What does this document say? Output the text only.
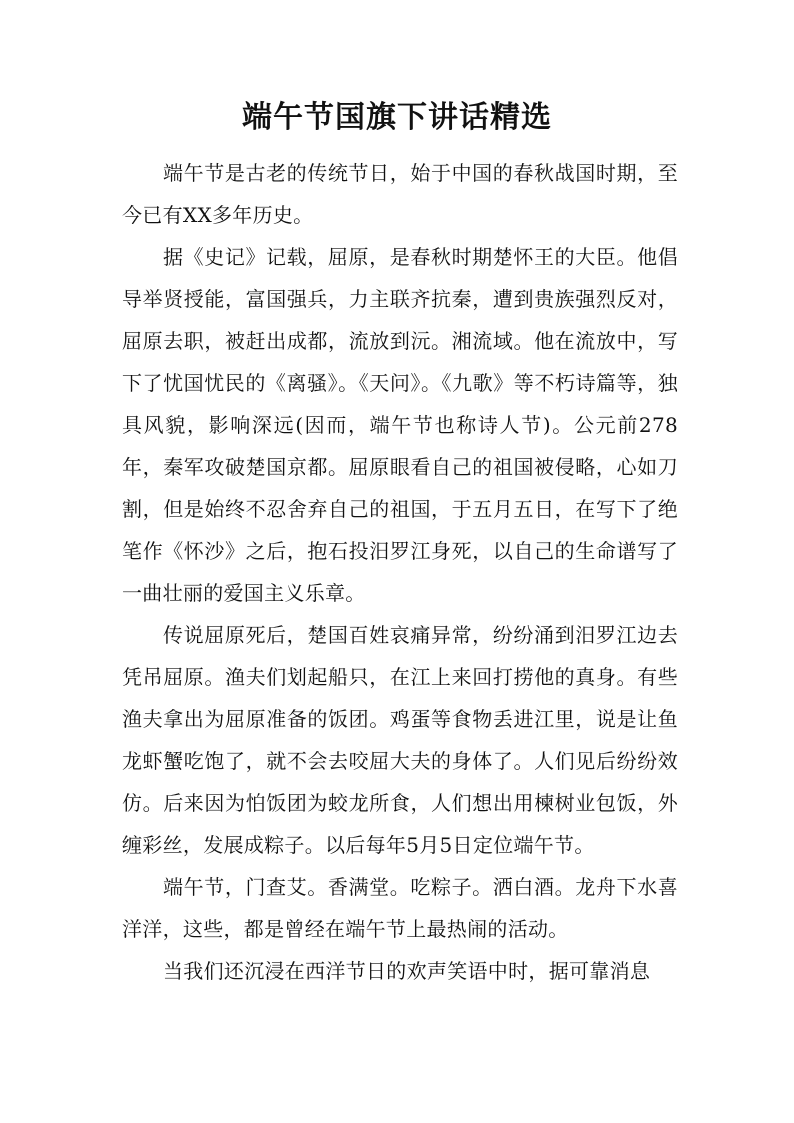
端午节国旗下讲话精选

端午节是古老的传统节日，始于中国的春秋战国时期，至今已有XX多年历史。

据《史记》记载，屈原，是春秋时期楚怀王的大臣。他倡导举贤授能，富国强兵，力主联齐抗秦，遭到贵族强烈反对，屈原去职，被赶出成都，流放到沅。湘流域。他在流放中，写下了忧国忧民的《离骚》。《天问》。《九歌》等不朽诗篇等，独具风貌，影响深远(因而，端午节也称诗人节)。公元前278年，秦军攻破楚国京都。屈原眼看自己的祖国被侵略，心如刀割，但是始终不忍舍弃自己的祖国，于五月五日，在写下了绝笔作《怀沙》之后，抱石投汨罗江身死，以自己的生命谱写了一曲壮丽的爱国主义乐章。

传说屈原死后，楚国百姓哀痛异常，纷纷涌到汨罗江边去凭吊屈原。渔夫们划起船只，在江上来回打捞他的真身。有些渔夫拿出为屈原准备的饭团。鸡蛋等食物丢进江里，说是让鱼龙虾蟹吃饱了，就不会去咬屈大夫的身体了。人们见后纷纷效仿。后来因为怕饭团为蛟龙所食，人们想出用楝树业包饭，外缠彩丝，发展成粽子。以后每年5月5日定位端午节。

端午节，门查艾。香满堂。吃粽子。洒白酒。龙舟下水喜洋洋，这些，都是曾经在端午节上最热闹的活动。

当我们还沉浸在西洋节日的欢声笑语中时，据可靠消息
